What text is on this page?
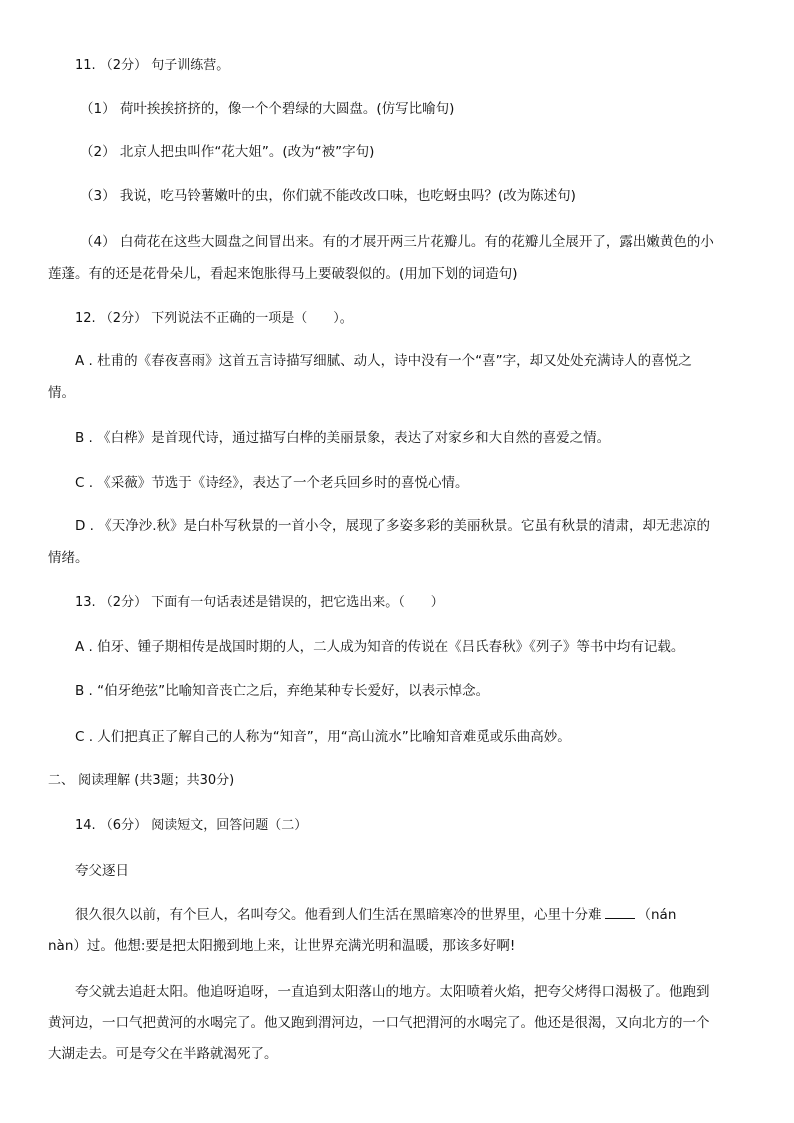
11. （2分） 句子训练营。
（1） 荷叶挨挨挤挤的，像一个个碧绿的大圆盘。(仿写比喻句)
（2） 北京人把虫叫作“花大姐”。(改为“被”字句)
（3） 我说，吃马铃薯嫩叶的虫，你们就不能改改口味，也吃蚜虫吗？(改为陈述句)
（4） 白荷花在这些大圆盘之间冒出来。有的才展开两三片花瓣儿。有的花瓣儿全展开了，露出嫩黄色的小
莲蓬。有的还是花骨朵儿，看起来饱胀得马上要破裂似的。(用加下划的词造句)
12. （2分） 下列说法不正确的一项是（　　）。
A . 杜甫的《春夜喜雨》这首五言诗描写细腻、动人，诗中没有一个“喜”字，却又处处充满诗人的喜悦之
情。
B . 《白桦》是首现代诗，通过描写白桦的美丽景象，表达了对家乡和大自然的喜爱之情。
C . 《采薇》节选于《诗经》，表达了一个老兵回乡时的喜悦心情。
D . 《天净沙.秋》是白朴写秋景的一首小令，展现了多姿多彩的美丽秋景。它虽有秋景的清肃，却无悲凉的
情绪。
13. （2分） 下面有一句话表述是错误的，把它选出来。（　　）
A . 伯牙、锺子期相传是战国时期的人，二人成为知音的传说在《吕氏春秋》《列子》等书中均有记载。
B . “伯牙绝弦”比喻知音丧亡之后，弃绝某种专长爱好，以表示悼念。
C . 人们把真正了解自己的人称为“知音”，用“高山流水”比喻知音难觅或乐曲高妙。
二、 阅读理解 (共3题；共30分)
14. （6分） 阅读短文，回答问题（二）
夸父逐日
很久很久以前，有个巨人，名叫夸父。他看到人们生活在黑暗寒冷的世界里，心里十分难	（nán
nàn）过。他想:要是把太阳搬到地上来，让世界充满光明和温暖，那该多好啊!
夸父就去追赶太阳。他追呀追呀，一直追到太阳落山的地方。太阳喷着火焰，把夸父烤得口渴极了。他跑到
黄河边，一口气把黄河的水喝完了。他又跑到渭河边，一口气把渭河的水喝完了。他还是很渴，又向北方的一个
大湖走去。可是夸父在半路就渴死了。
